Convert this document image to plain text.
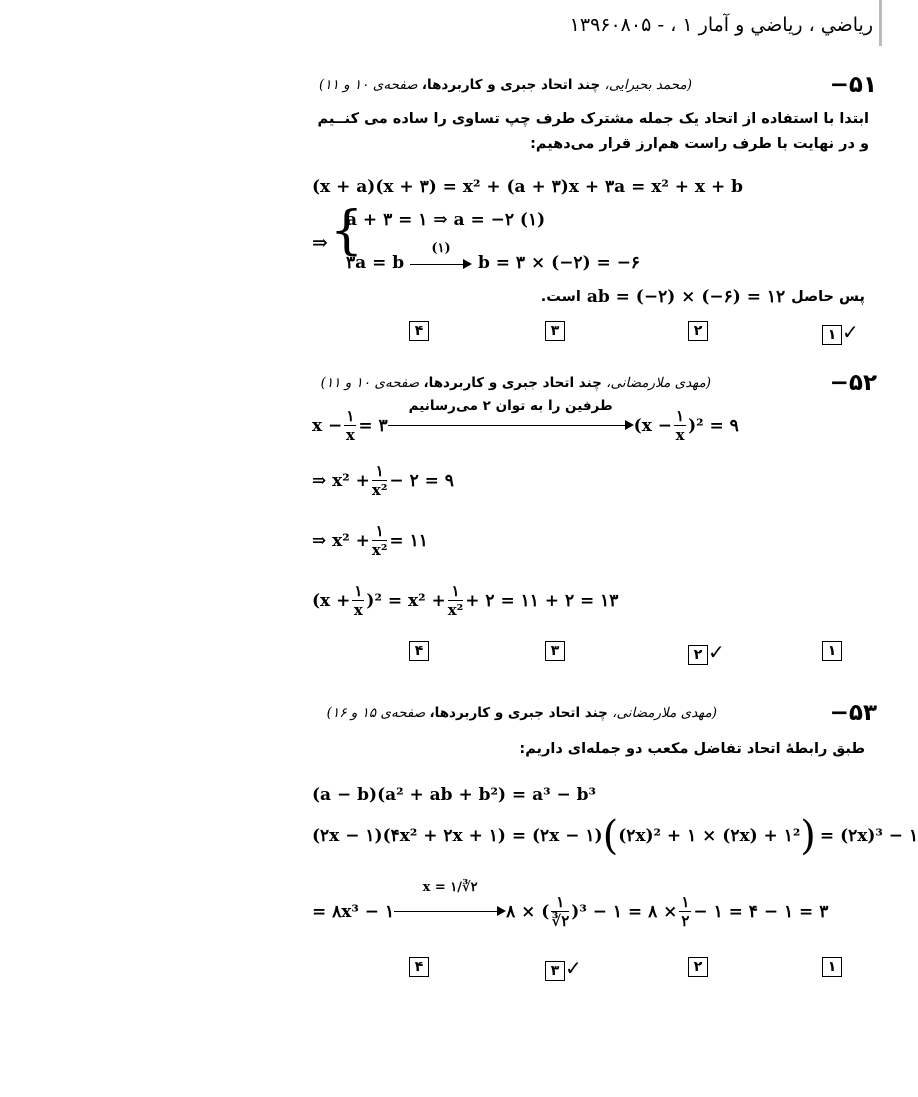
رياضي ، رياضي و آمار ۱ ، - ۱۳۹۶۰۸۰۵
−۵۱
(محمد بحیرایی، چند اتحاد جبری و کاربردها، صفحه‌ی ۱۰ و ۱۱)
ابتدا با استفاده از اتحاد یک جمله مشترک طرف چپ تساوی را ساده می کنــیم و در نهایت با طرف راست هم‌ارز قرار می‌دهیم:
(x + a)(x + ۳) = x² + (a + ۳)x + ۳a = x² + x + b
⇒ {
a + ۳ = ۱ ⇒ a = −۲ (۱)
۳a = b
(۱)
b = ۳ × (−۲) = −۶
پس حاصل
ab = (−۲) × (−۶) = ۱۲
است.
۱ ✓
۲
۳
۴
−۵۲
(مهدی ملارمضانی، چند اتحاد جبری و کاربردها، صفحه‌ی ۱۰ و ۱۱)
$x - \frac{۱}{x}$ = ۳
طرفین را به توان ۲ می‌رسانیم
$(x - \frac{۱}{x} )^2$ = ۹
⇒ $x^2 + \frac{۱}{\text{x²}}$ − ۲ = ۹
⇒ $x^2 + \frac{۱}{\text{x²}}$ = ۱۱
$(x + \frac{۱}{x} )^2 = x^2 + \frac{۱}{\text{x²}}$ + ۲ = ۱۱ + ۲ = ۱۳
۱
۲ ✓
۳
۴
−۵۳
(مهدی ملارمضانی، چند اتحاد جبری و کاربردها، صفحه‌ی ۱۵ و ۱۶)
طبق رابطهٔ اتحاد تفاضل مکعب دو جمله‌ای داریم:
(a − b)(a² + ab + b²) = a³ − b³
(۲x − ۱)(۴x² + ۲x + ۱) = (۲x − ۱) ( (۲x)² + ۱ × (۲x) + ۱² ) = (۲x)³ − ۱
= ۸x³ − ۱
x = ۱/∛۲
۸ × ( $\frac{۱}{∛۲} )^3$ − ۱ = ۸ × $\frac{۱}{۲}$ − ۱ = ۴ − ۱ = ۳
۱
۲
۳ ✓
۴
